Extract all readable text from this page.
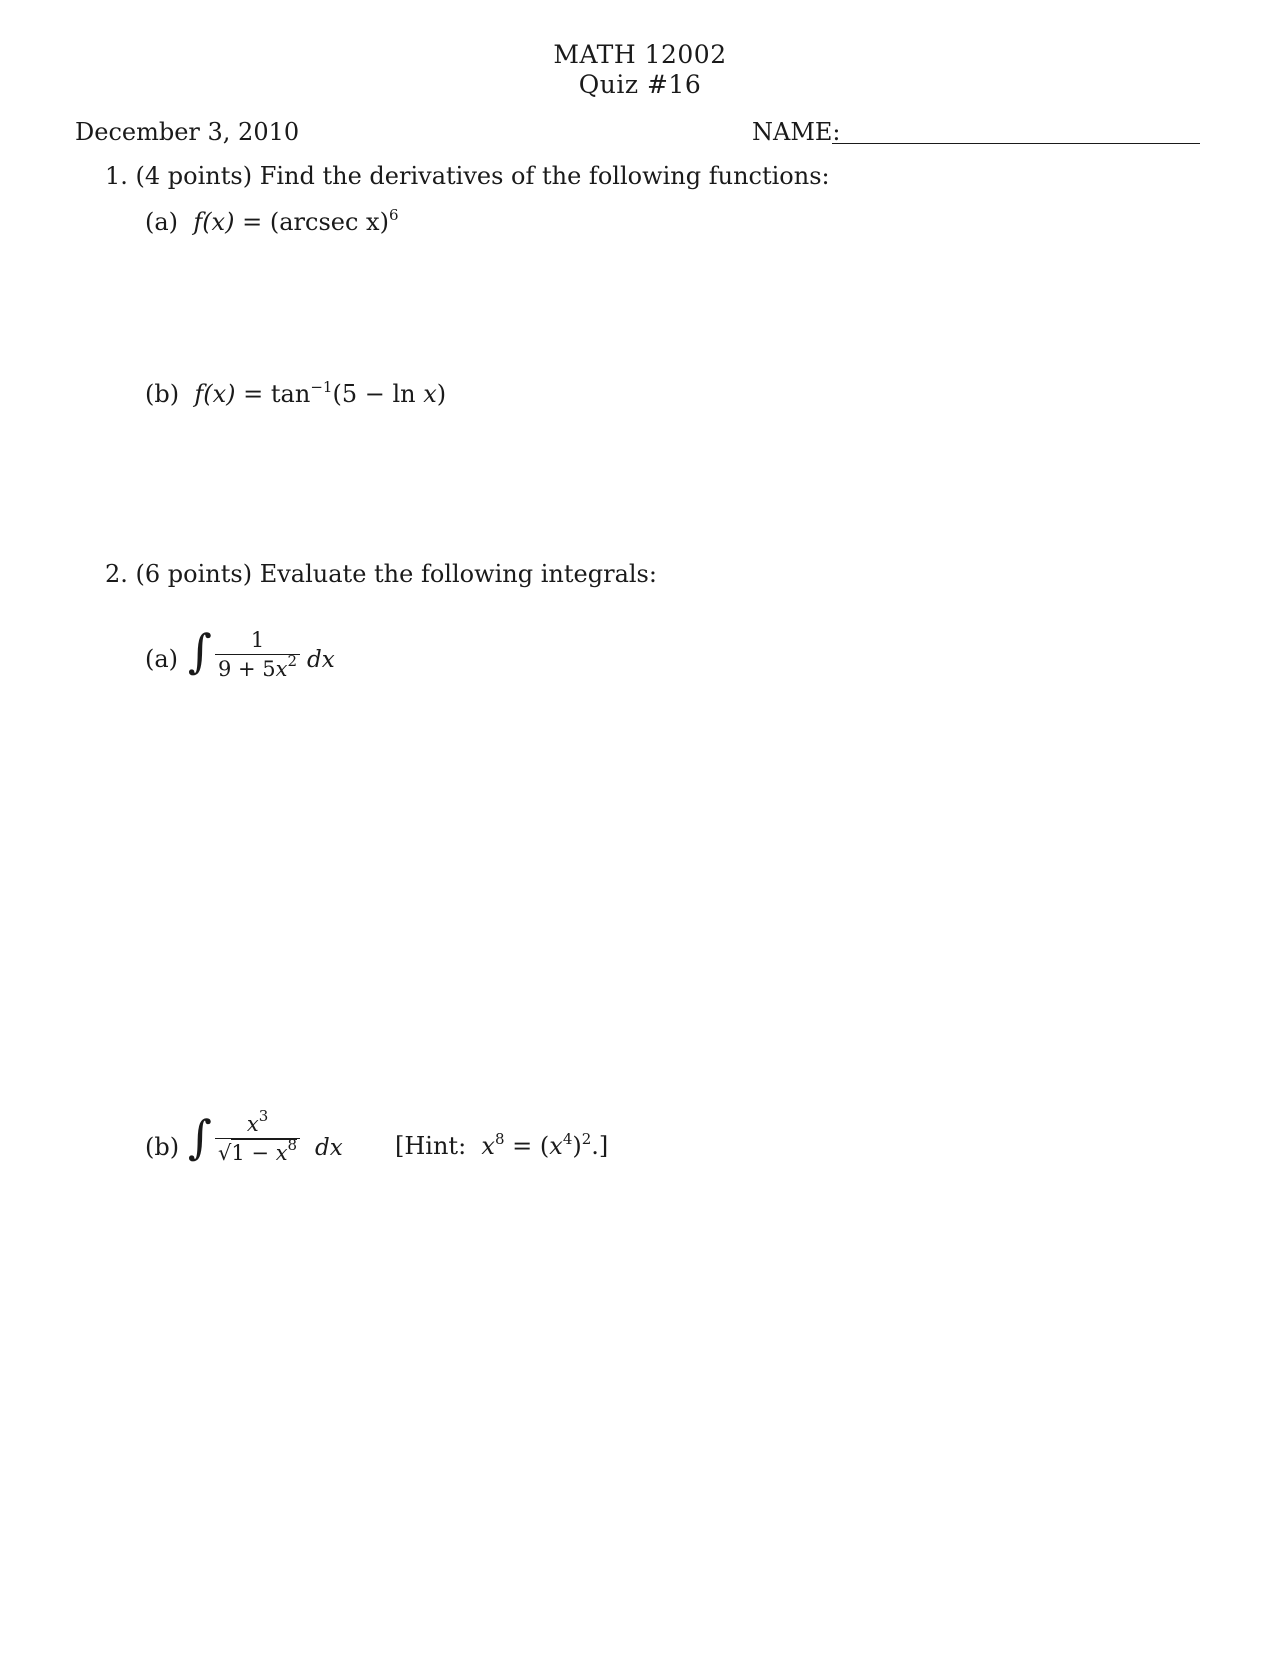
MATH 12002
Quiz #16
December 3, 2010	NAME:
1. (4 points) Find the derivatives of the following functions:
(a) f(x) = (arcsec x)$^6$
(b) $f(x) = \tan^{-1}(5 - \ln x)$
2. (6 points) Evaluate the following integrals:
(a) ∫	1
$9 + 5x^2$ dx
(b) ∫	$x^3$
$√1 - x^8$ dx [Hint: $x^8 = (x^4)^2$.]
